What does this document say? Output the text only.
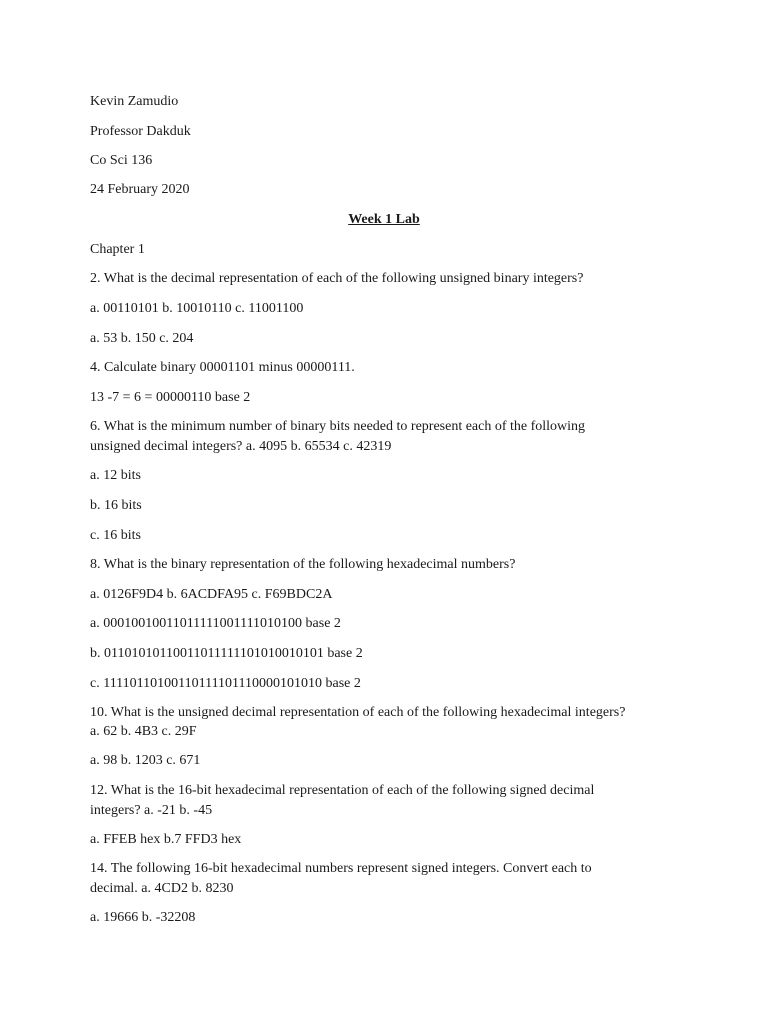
Kevin Zamudio
Professor Dakduk
Co Sci 136
24 February 2020
Week 1 Lab
Chapter 1
2. What is the decimal representation of each of the following unsigned binary integers?
a. 00110101 b. 10010110 c. 11001100
a. 53 b. 150 c. 204
4. Calculate binary 00001101 minus 00000111.
13 -7 = 6 = 00000110 base 2
6. What is the minimum number of binary bits needed to represent each of the following
unsigned decimal integers? a. 4095 b. 65534 c. 42319
a. 12 bits
b. 16 bits
c. 16 bits
8. What is the binary representation of the following hexadecimal numbers?
a. 0126F9D4 b. 6ACDFA95 c. F69BDC2A
a. 00010010011011111001111010100 base 2
b. 01101010110011011111101010010101 base 2
c. 11110110100110111101110000101010 base 2
10. What is the unsigned decimal representation of each of the following hexadecimal integers?
a. 62 b. 4B3 c. 29F
a. 98 b. 1203 c. 671
12. What is the 16-bit hexadecimal representation of each of the following signed decimal
integers? a. -21 b. -45
a. FFEB hex b.7 FFD3 hex
14. The following 16-bit hexadecimal numbers represent signed integers. Convert each to
decimal. a. 4CD2 b. 8230
a. 19666 b. -32208
